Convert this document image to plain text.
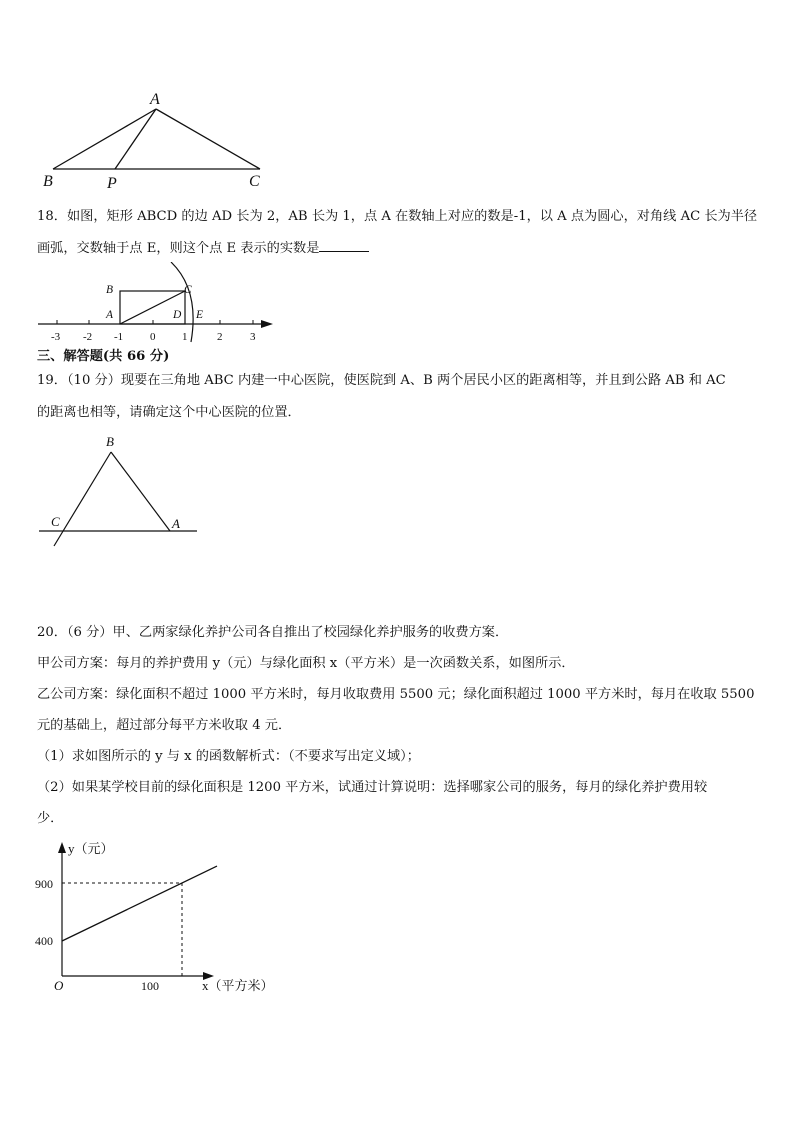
A
B	P	C
18．如图，矩形 ABCD 的边 AD 长为 2，AB 长为 1，点 A 在数轴上对应的数是-1，以 A 点为圆心，对角线 AC 长为半径
画弧，交数轴于点 E，则这个点 E 表示的实数是
B	C
A	D E
-3 -2 -1 0 1	2	3
三、解答题(共 66 分)
19．（10 分）现要在三角地 ABC 内建一中心医院，使医院到 A、B 两个居民小区的距离相等，并且到公路 AB 和 AC
的距离也相等，请确定这个中心医院的位置．
B
C	A
20．（6 分）甲、乙两家绿化养护公司各自推出了校园绿化养护服务的收费方案．
甲公司方案：每月的养护费用 y（元）与绿化面积 x（平方米）是一次函数关系，如图所示．
乙公司方案：绿化面积不超过 1000 平方米时，每月收取费用 5500 元；绿化面积超过 1000 平方米时，每月在收取 5500
元的基础上，超过部分每平方米收取 4 元．
（1）求如图所示的 y 与 x 的函数解析式：（不要求写出定义域）；
（2）如果某学校目前的绿化面积是 1200 平方米，试通过计算说明：选择哪家公司的服务，每月的绿化养护费用较
少．
y（元）
x（平方米）
O
900
400
100
